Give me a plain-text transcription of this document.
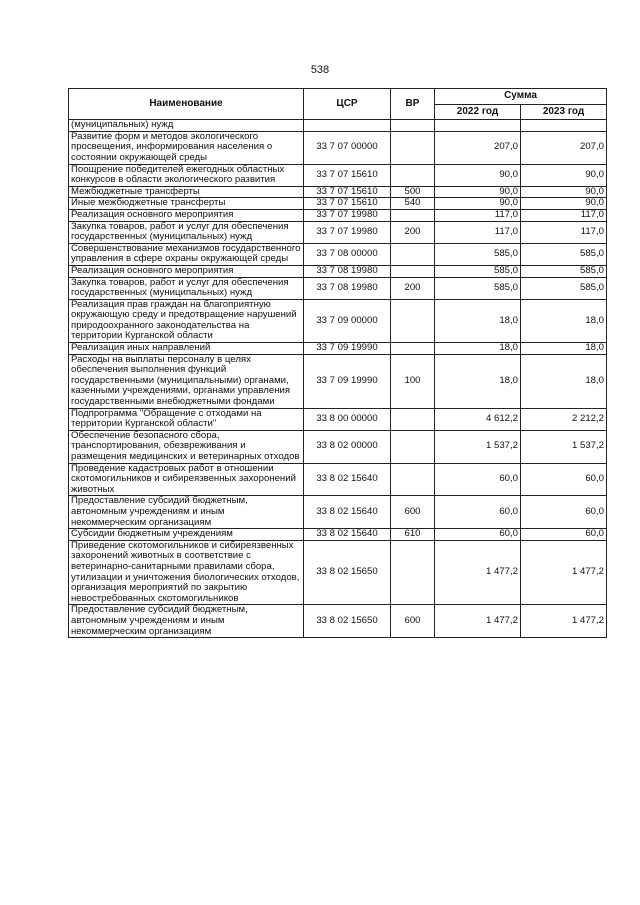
538
Наименование	ЦСР	ВР	Сумма	
			2022 год	2023 год
(муниципальных) нужд				
Развитие форм и методов экологического просвещения, информирования населения о состоянии окружающей среды	33 7 07 00000		207,0	207,0
Поощрение победителей ежегодных областных конкурсов в области экологического развития	33 7 07 15610		90,0	90,0
Межбюджетные трансферты	33 7 07 15610	500	90,0	90,0
Иные межбюджетные трансферты	33 7 07 15610	540	90,0	90,0
Реализация основного мероприятия	33 7 07 19980		117,0	117,0
Закупка товаров, работ и услуг для обеспечения государственных (муниципальных) нужд	33 7 07 19980	200	117,0	117,0
Совершенствование механизмов государственного управления в сфере охраны окружающей среды	33 7 08 00000		585,0	585,0
Реализация основного мероприятия	33 7 08 19980		585,0	585,0
Закупка товаров, работ и услуг для обеспечения государственных (муниципальных) нужд	33 7 08 19980	200	585,0	585,0
Реализация прав граждан на благоприятную окружающую среду и предотвращение нарушений природоохранного законодательства на территории Курганской области	33 7 09 00000		18,0	18,0
Реализация иных направлений	33 7 09 19990		18,0	18,0
Расходы на выплаты персоналу в целях обеспечения выполнения функций государственными (муниципальными) органами, казенными учреждениями, органами управления государственными внебюджетными фондами	33 7 09 19990	100	18,0	18,0
Подпрограмма "Обращение с отходами на территории Курганской области"	33 8 00 00000		4 612,2	2 212,2
Обеспечение безопасного сбора, транспортирования, обезвреживания и размещения медицинских и ветеринарных отходов	33 8 02 00000		1 537,2	1 537,2
Проведение кадастровых работ в отношении скотомогильников и сибиреязвенных захоронений животных	33 8 02 15640		60,0	60,0
Предоставление субсидий бюджетным, автономным учреждениям и иным некоммерческим организациям	33 8 02 15640	600	60,0	60,0
Субсидии бюджетным учреждениям	33 8 02 15640	610	60,0	60,0
Приведение скотомогильников и сибиреязвенных захоронений животных в соответствие с ветеринарно-санитарными правилами сбора, утилизации и уничтожения биологических отходов, организация мероприятий по закрытию невостребованных скотомогильников	33 8 02 15650		1 477,2	1 477,2
Предоставление субсидий бюджетным, автономным учреждениям и иным некоммерческим организациям	33 8 02 15650	600	1 477,2	1 477,2
